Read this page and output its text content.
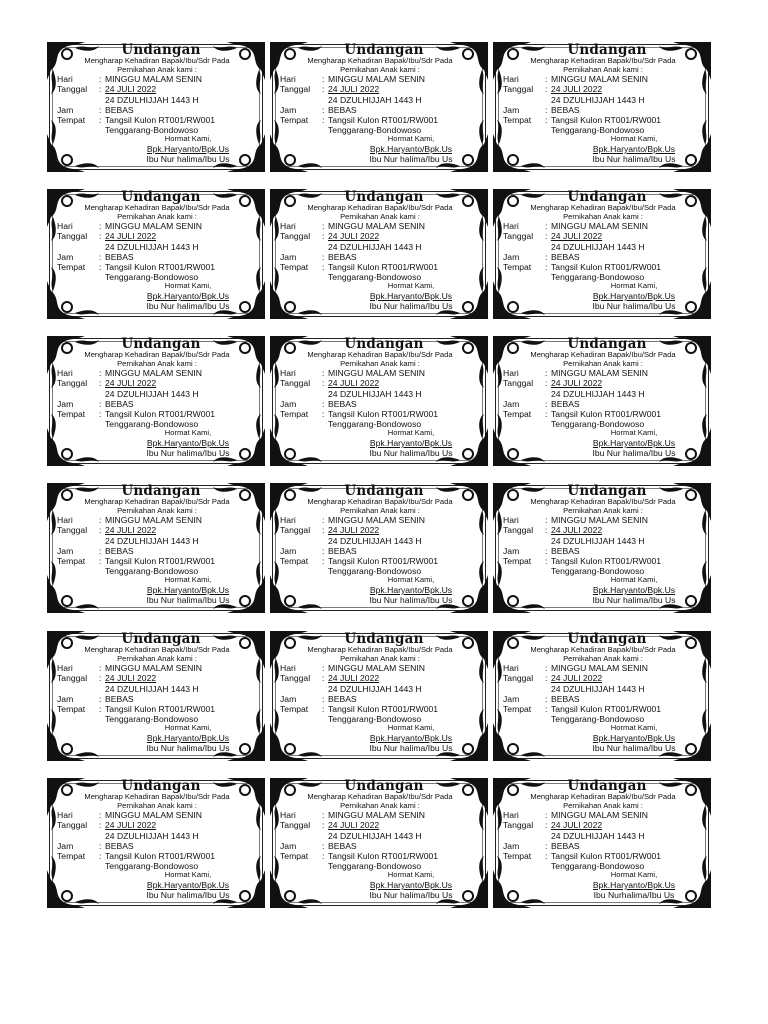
Undangan
Mengharap Kehadiran Bapak/Ibu/Sdr Pada
Pernikahan Anak kami :
Hari	: MINGGU MALAM SENIN
Tanggal	: 24 JULI 2022
24 DZULHIJJAH 1443 H
Jam	: BEBAS
Tempat	: Tangsil Kulon RT001/RW001
Tenggarang-Bondowoso
Hormat Kami,
Bpk.Haryanto/Bpk.Us
Ibu Nur halima/Ibu Us
Undangan
Mengharap Kehadiran Bapak/Ibu/Sdr Pada
Pernikahan Anak kami :
Hari	: MINGGU MALAM SENIN
Tanggal	: 24 JULI 2022
24 DZULHIJJAH 1443 H
Jam	: BEBAS
Tempat	: Tangsil Kulon RT001/RW001
Tenggarang-Bondowoso
Hormat Kami,
Bpk.Haryanto/Bpk.Us
Ibu Nur halima/Ibu Us
Undangan
Mengharap Kehadiran Bapak/Ibu/Sdr Pada
Pernikahan Anak kami :
Hari	: MINGGU MALAM SENIN
Tanggal	: 24 JULI 2022
24 DZULHIJJAH 1443 H
Jam	: BEBAS
Tempat	: Tangsil Kulon RT001/RW001
Tenggarang-Bondowoso
Hormat Kami,
Bpk.Haryanto/Bpk.Us
Ibu Nur halima/Ibu Us
Undangan
Mengharap Kehadiran Bapak/Ibu/Sdr Pada
Pernikahan Anak kami :
Hari	: MINGGU MALAM SENIN
Tanggal	: 24 JULI 2022
24 DZULHIJJAH 1443 H
Jam	: BEBAS
Tempat	: Tangsil Kulon RT001/RW001
Tenggarang-Bondowoso
Hormat Kami,
Bpk.Haryanto/Bpk.Us
Ibu Nur halima/Ibu Us
Undangan
Mengharap Kehadiran Bapak/Ibu/Sdr Pada
Pernikahan Anak kami :
Hari	: MINGGU MALAM SENIN
Tanggal	: 24 JULI 2022
24 DZULHIJJAH 1443 H
Jam	: BEBAS
Tempat	: Tangsil Kulon RT001/RW001
Tenggarang-Bondowoso
Hormat Kami,
Bpk.Haryanto/Bpk.Us
Ibu Nur halima/Ibu Us
Undangan
Mengharap Kehadiran Bapak/Ibu/Sdr Pada
Pernikahan Anak kami :
Hari	: MINGGU MALAM SENIN
Tanggal	: 24 JULI 2022
24 DZULHIJJAH 1443 H
Jam	: BEBAS
Tempat	: Tangsil Kulon RT001/RW001
Tenggarang-Bondowoso
Hormat Kami,
Bpk.Haryanto/Bpk.Us
Ibu Nur halima/Ibu Us
Undangan
Mengharap Kehadiran Bapak/Ibu/Sdr Pada
Pernikahan Anak kami :
Hari	: MINGGU MALAM SENIN
Tanggal	: 24 JULI 2022
24 DZULHIJJAH 1443 H
Jam	: BEBAS
Tempat	: Tangsil Kulon RT001/RW001
Tenggarang-Bondowoso
Hormat Kami,
Bpk.Haryanto/Bpk.Us
Ibu Nur halima/Ibu Us
Undangan
Mengharap Kehadiran Bapak/Ibu/Sdr Pada
Pernikahan Anak kami :
Hari	: MINGGU MALAM SENIN
Tanggal	: 24 JULI 2022
24 DZULHIJJAH 1443 H
Jam	: BEBAS
Tempat	: Tangsil Kulon RT001/RW001
Tenggarang-Bondowoso
Hormat Kami,
Bpk.Haryanto/Bpk.Us
Ibu Nur halima/Ibu Us
Undangan
Mengharap Kehadiran Bapak/Ibu/Sdr Pada
Pernikahan Anak kami :
Hari	: MINGGU MALAM SENIN
Tanggal	: 24 JULI 2022
24 DZULHIJJAH 1443 H
Jam	: BEBAS
Tempat	: Tangsil Kulon RT001/RW001
Tenggarang-Bondowoso
Hormat Kami,
Bpk.Haryanto/Bpk.Us
Ibu Nur halima/Ibu Us
Undangan
Mengharap Kehadiran Bapak/Ibu/Sdr Pada
Pernikahan Anak kami :
Hari	: MINGGU MALAM SENIN
Tanggal	: 24 JULI 2022
24 DZULHIJJAH 1443 H
Jam	: BEBAS
Tempat	: Tangsil Kulon RT001/RW001
Tenggarang-Bondowoso
Hormat Kami,
Bpk.Haryanto/Bpk.Us
Ibu Nur halima/Ibu Us
Undangan
Mengharap Kehadiran Bapak/Ibu/Sdr Pada
Pernikahan Anak kami :
Hari	: MINGGU MALAM SENIN
Tanggal	: 24 JULI 2022
24 DZULHIJJAH 1443 H
Jam	: BEBAS
Tempat	: Tangsil Kulon RT001/RW001
Tenggarang-Bondowoso
Hormat Kami,
Bpk.Haryanto/Bpk.Us
Ibu Nur halima/Ibu Us
Undangan
Mengharap Kehadiran Bapak/Ibu/Sdr Pada
Pernikahan Anak kami :
Hari	: MINGGU MALAM SENIN
Tanggal	: 24 JULI 2022
24 DZULHIJJAH 1443 H
Jam	: BEBAS
Tempat	: Tangsil Kulon RT001/RW001
Tenggarang-Bondowoso
Hormat Kami,
Bpk.Haryanto/Bpk.Us
Ibu Nur halima/Ibu Us
Undangan
Mengharap Kehadiran Bapak/Ibu/Sdr Pada
Pernikahan Anak kami :
Hari	: MINGGU MALAM SENIN
Tanggal	: 24 JULI 2022
24 DZULHIJJAH 1443 H
Jam	: BEBAS
Tempat	: Tangsil Kulon RT001/RW001
Tenggarang-Bondowoso
Hormat Kami,
Bpk.Haryanto/Bpk.Us
Ibu Nur halima/Ibu Us
Undangan
Mengharap Kehadiran Bapak/Ibu/Sdr Pada
Pernikahan Anak kami :
Hari	: MINGGU MALAM SENIN
Tanggal	: 24 JULI 2022
24 DZULHIJJAH 1443 H
Jam	: BEBAS
Tempat	: Tangsil Kulon RT001/RW001
Tenggarang-Bondowoso
Hormat Kami,
Bpk.Haryanto/Bpk.Us
Ibu Nur halima/Ibu Us
Undangan
Mengharap Kehadiran Bapak/Ibu/Sdr Pada
Pernikahan Anak kami :
Hari	: MINGGU MALAM SENIN
Tanggal	: 24 JULI 2022
24 DZULHIJJAH 1443 H
Jam	: BEBAS
Tempat	: Tangsil Kulon RT001/RW001
Tenggarang-Bondowoso
Hormat Kami,
Bpk.Haryanto/Bpk.Us
Ibu Nur halima/Ibu Us
Undangan
Mengharap Kehadiran Bapak/Ibu/Sdr Pada
Pernikahan Anak kami :
Hari	: MINGGU MALAM SENIN
Tanggal	: 24 JULI 2022
24 DZULHIJJAH 1443 H
Jam	: BEBAS
Tempat	: Tangsil Kulon RT001/RW001
Tenggarang-Bondowoso
Hormat Kami,
Bpk.Haryanto/Bpk.Us
Ibu Nur halima/Ibu Us
Undangan
Mengharap Kehadiran Bapak/Ibu/Sdr Pada
Pernikahan Anak kami :
Hari	: MINGGU MALAM SENIN
Tanggal	: 24 JULI 2022
24 DZULHIJJAH 1443 H
Jam	: BEBAS
Tempat	: Tangsil Kulon RT001/RW001
Tenggarang-Bondowoso
Hormat Kami,
Bpk.Haryanto/Bpk.Us
Ibu Nur halima/Ibu Us
Undangan
Mengharap Kehadiran Bapak/Ibu/Sdr Pada
Pernikahan Anak kami :
Hari	: MINGGU MALAM SENIN
Tanggal	: 24 JULI 2022
24 DZULHIJJAH 1443 H
Jam	: BEBAS
Tempat	: Tangsil Kulon RT001/RW001
Tenggarang-Bondowoso
Hormat Kami,
Bpk.Haryanto/Bpk.Us
Ibu Nurhalima/Ibu Us
